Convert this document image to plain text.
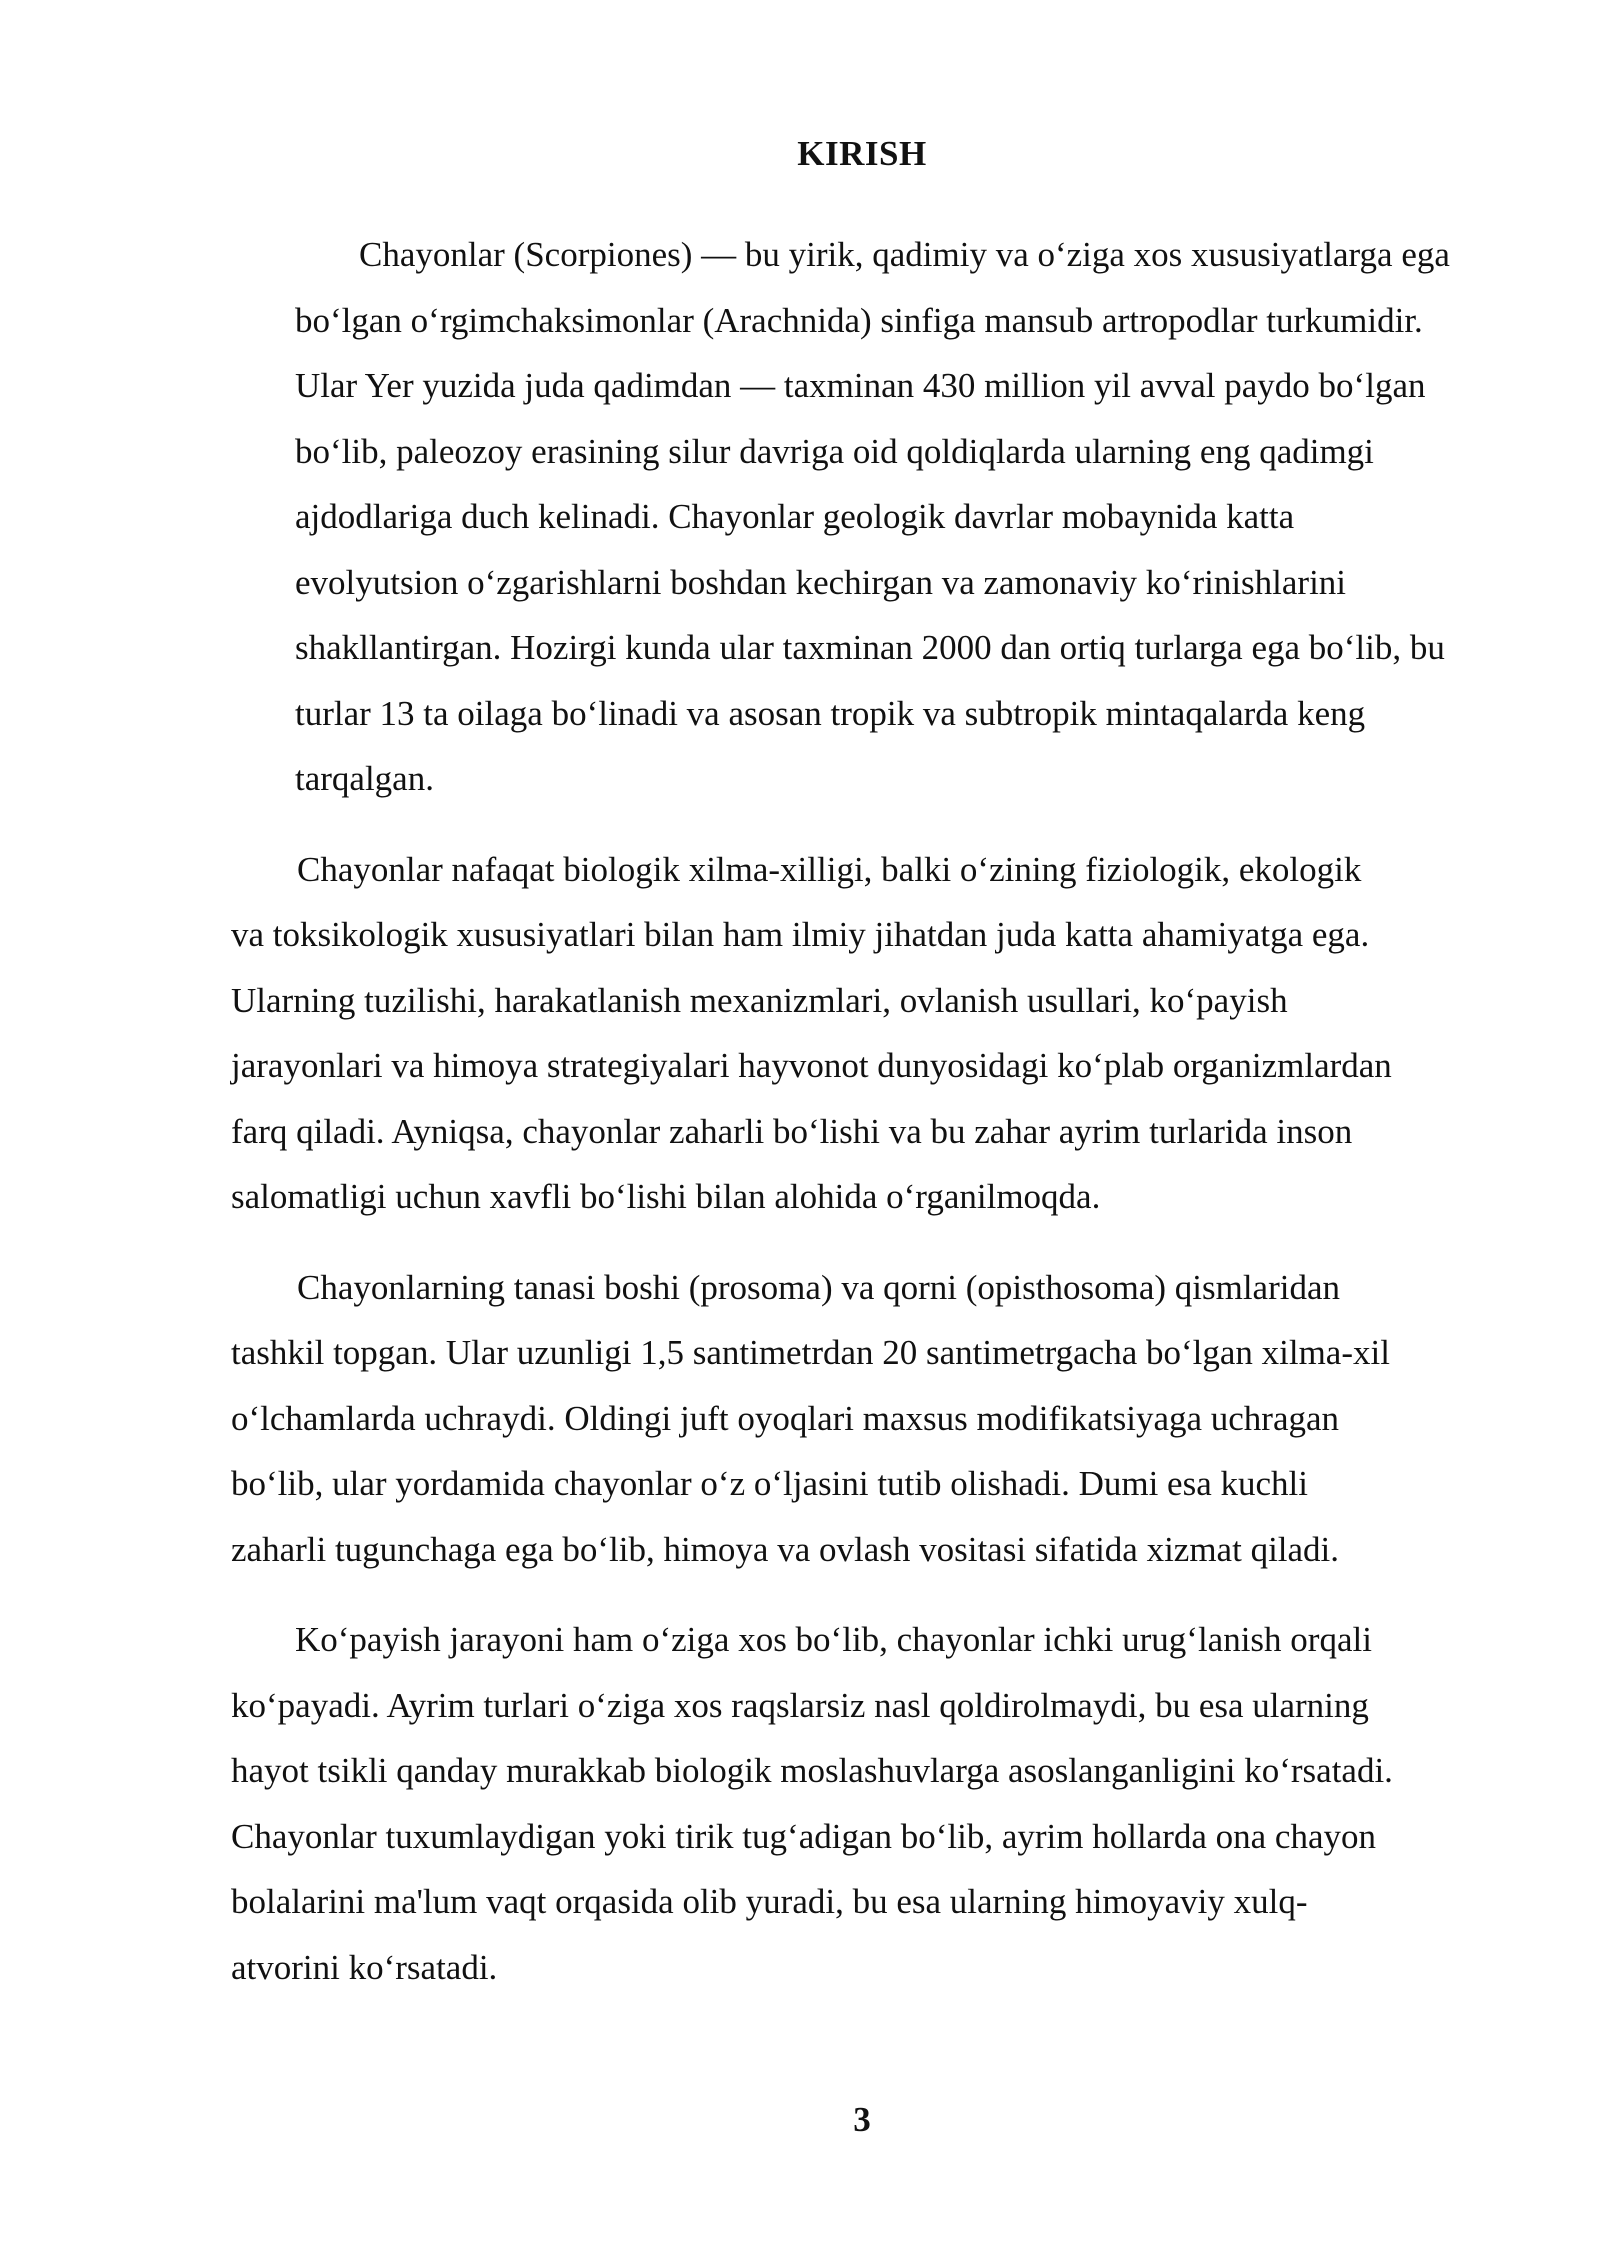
KIRISH

Chayonlar (Scorpiones) — bu yirik, qadimiy va o‘ziga xos xususiyatlarga ega
bo‘lgan o‘rgimchaksimonlar (Arachnida) sinfiga mansub artropodlar turkumidir.
Ular Yer yuzida juda qadimdan — taxminan 430 million yil avval paydo bo‘lgan
bo‘lib, paleozoy erasining silur davriga oid qoldiqlarda ularning eng qadimgi
ajdodlariga duch kelinadi. Chayonlar geologik davrlar mobaynida katta
evolyutsion o‘zgarishlarni boshdan kechirgan va zamonaviy ko‘rinishlarini
shakllantirgan. Hozirgi kunda ular taxminan 2000 dan ortiq turlarga ega bo‘lib, bu
turlar 13 ta oilaga bo‘linadi va asosan tropik va subtropik mintaqalarda keng
tarqalgan.

Chayonlar nafaqat biologik xilma-xilligi, balki o‘zining fiziologik, ekologik
va toksikologik xususiyatlari bilan ham ilmiy jihatdan juda katta ahamiyatga ega.
Ularning tuzilishi, harakatlanish mexanizmlari, ovlanish usullari, ko‘payish
jarayonlari va himoya strategiyalari hayvonot dunyosidagi ko‘plab organizmlardan
farq qiladi. Ayniqsa, chayonlar zaharli bo‘lishi va bu zahar ayrim turlarida inson
salomatligi uchun xavfli bo‘lishi bilan alohida o‘rganilmoqda.

Chayonlarning tanasi boshi (prosoma) va qorni (opisthosoma) qismlaridan
tashkil topgan. Ular uzunligi 1,5 santimetrdan 20 santimetrgacha bo‘lgan xilma-xil
o‘lchamlarda uchraydi. Oldingi juft oyoqlari maxsus modifikatsiyaga uchragan
bo‘lib, ular yordamida chayonlar o‘z o‘ljasini tutib olishadi. Dumi esa kuchli
zaharli tugunchaga ega bo‘lib, himoya va ovlash vositasi sifatida xizmat qiladi.

Ko‘payish jarayoni ham o‘ziga xos bo‘lib, chayonlar ichki urug‘lanish orqali
ko‘payadi. Ayrim turlari o‘ziga xos raqslarsiz nasl qoldirolmaydi, bu esa ularning
hayot tsikli qanday murakkab biologik moslashuvlarga asoslanganligini ko‘rsatadi.
Chayonlar tuxumlaydigan yoki tirik tug‘adigan bo‘lib, ayrim hollarda ona chayon
bolalarini ma'lum vaqt orqasida olib yuradi, bu esa ularning himoyaviy xulq-
atvorini ko‘rsatadi.

3
